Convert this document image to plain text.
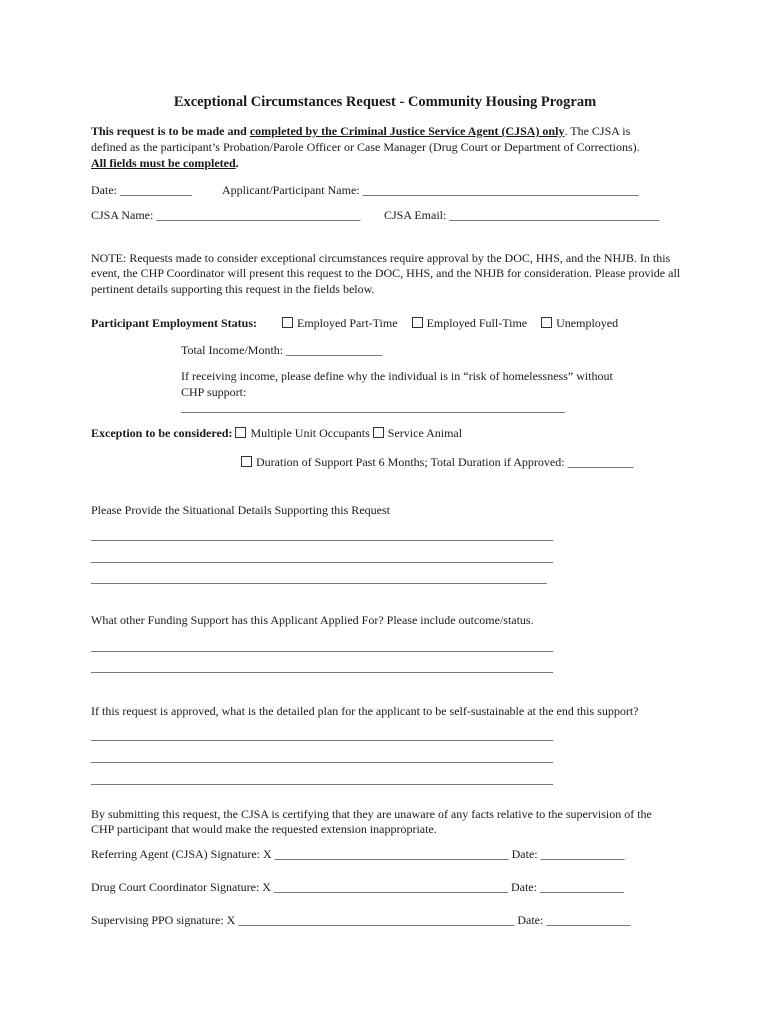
Exceptional Circumstances Request - Community Housing Program
This request is to be made and completed by the Criminal Justice Service Agent (CJSA) only. The CJSA is
defined as the participant’s Probation/Parole Officer or Case Manager (Drug Court or Department of Corrections).
All fields must be completed.
Date: ____________	Applicant/Participant Name: ______________________________________________
CJSA Name: __________________________________ CJSA Email: ___________________________________
NOTE: Requests made to consider exceptional circumstances require approval by the DOC, HHS, and the NHJB. In this
event, the CHP Coordinator will present this request to the DOC, HHS, and the NHJB for consideration. Please provide all
pertinent details supporting this request in the fields below.
Participant Employment Status:	Employed Part-Time Employed Full-Time Unemployed
Total Income/Month: ________________
If receiving income, please define why the individual is in “risk of homelessness” without
CHP support:
________________________________________________________________
Exception to be considered: Multiple Unit Occupants Service Animal
Duration of Support Past 6 Months; Total Duration if Approved: ___________
Please Provide the Situational Details Supporting this Request
_____________________________________________________________________________
_____________________________________________________________________________
____________________________________________________________________________
What other Funding Support has this Applicant Applied For? Please include outcome/status.
_____________________________________________________________________________
_____________________________________________________________________________
If this request is approved, what is the detailed plan for the applicant to be self-sustainable at the end this support?
_____________________________________________________________________________
_____________________________________________________________________________
_____________________________________________________________________________
By submitting this request, the CJSA is certifying that they are unaware of any facts relative to the supervision of the
CHP participant that would make the requested extension inappropriate.
Referring Agent (CJSA) Signature: X _______________________________________ Date: ______________
Drug Court Coordinator Signature: X _______________________________________ Date: ______________
Supervising PPO signature: X ______________________________________________ Date: ______________
